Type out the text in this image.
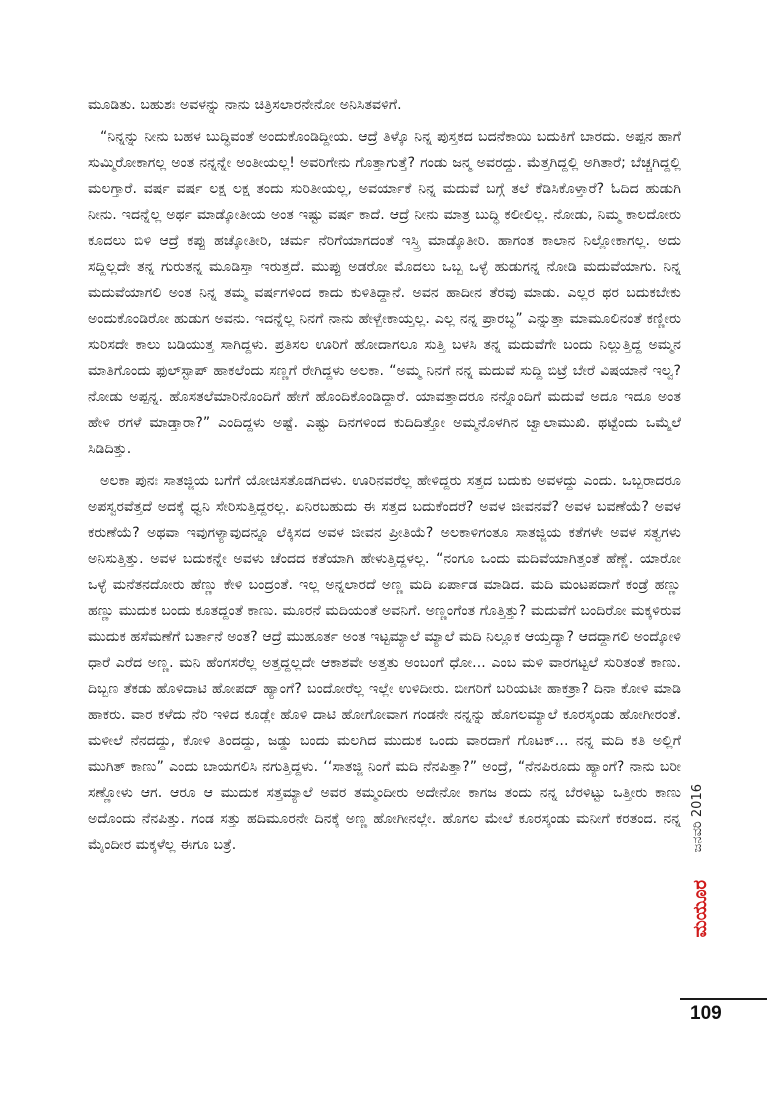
ಮೂಡಿತು. ಬಹುಶಃ ಅವಳನ್ನು ನಾನು ಚಿತ್ರಿಸಲಾರನೇನೋ ಅನಿಸಿತವಳಿಗೆ.

“ನಿನ್ನನ್ನು ನೀನು ಬಹಳ ಬುದ್ಧಿವಂತೆ ಅಂದುಕೊಂಡಿದ್ದೀಯ. ಆದ್ರೆ ತಿಳ್ಕೊ ನಿನ್ನ ಪುಸ್ತಕದ ಬದನೆಕಾಯಿ ಬದುಕಿಗೆ ಬಾರದು. ಅಪ್ಪನ ಹಾಗೆ ಸುಮ್ಮಿರೋಕಾಗಲ್ಲ ಅಂತ ನನ್ನನ್ನೇ ಅಂತೀಯಲ್ಲ! ಅವರಿಗೇನು ಗೊತ್ತಾಗುತ್ತೆ? ಗಂಡು ಜನ್ಮ ಅವರದ್ದು. ಮೆತ್ತಗಿದ್ದಲ್ಲಿ ಅಗಿತಾರೆ; ಬೆಚ್ಚಗಿದ್ದಲ್ಲಿ ಮಲಗ್ತಾರೆ. ವರ್ಷ ವರ್ಷ ಲಕ್ಷ ಲಕ್ಷ ತಂದು ಸುರಿತೀಯಲ್ಲ, ಅವರ್ಯಾಕೆ ನಿನ್ನ ಮದುವೆ ಬಗ್ಗೆ ತಲೆ ಕೆಡಿಸಿಕೊಳ್ತಾರೆ? ಓದಿದ ಹುಡುಗಿ ನೀನು. ಇದನ್ನೆಲ್ಲ ಅರ್ಥ ಮಾಡ್ಕೋತೀಯ ಅಂತ ಇಷ್ಟು ವರ್ಷ ಕಾದೆ. ಆದ್ರೆ ನೀನು ಮಾತ್ರ ಬುದ್ಧಿ ಕಲೀಲಿಲ್ಲ. ನೋಡು, ನಿಮ್ಮ ಕಾಲದೋರು ಕೂದಲು ಬಿಳಿ ಆದ್ರೆ ಕಪ್ಪು ಹಚ್ಕೋತೀರಿ, ಚರ್ಮ ನೆರಿಗೆಯಾಗದಂತೆ ಇಸ್ತ್ರಿ ಮಾಡ್ಕೊತೀರಿ. ಹಾಗಂತ ಕಾಲಾನ ನಿಲ್ಲೋಕಾಗಲ್ಲ. ಅದು ಸದ್ದಿಲ್ಲದೇ ತನ್ನ ಗುರುತನ್ನ ಮೂಡಿಸ್ತಾ ಇರುತ್ತದೆ. ಮುಪ್ಪು ಅಡರೋ ಮೊದಲು ಒಬ್ಬ ಒಳ್ಳೆ ಹುಡುಗನ್ನ ನೋಡಿ ಮದುವೆಯಾಗು. ನಿನ್ನ ಮದುವೆಯಾಗಲಿ ಅಂತ ನಿನ್ನ ತಮ್ಮ ವರ್ಷಗಳಿಂದ ಕಾದು ಕುಳಿತಿದ್ದಾನೆ. ಅವನ ಹಾದೀನ ತೆರವು ಮಾಡು. ಎಲ್ಲರ ಥರ ಬದುಕಬೇಕು ಅಂದುಕೊಂಡಿರೋ ಹುಡುಗ ಅವನು. ಇದನ್ನೆಲ್ಲ ನಿನಗೆ ನಾನು ಹೇಳ್ಬೇಕಾಯ್ತಲ್ಲ. ಎಲ್ಲ ನನ್ನ ಪ್ರಾರಬ್ಧ” ಎನ್ನುತ್ತಾ ಮಾಮೂಲಿನಂತೆ ಕಣ್ಣೀರು ಸುರಿಸದೇ ಕಾಲು ಬಡಿಯುತ್ತ ಸಾಗಿದ್ದಳು. ಪ್ರತಿಸಲ ಊರಿಗೆ ಹೋದಾಗಲೂ ಸುತ್ತಿ ಬಳಸಿ ತನ್ನ ಮದುವೆಗೇ ಬಂದು ನಿಲ್ಲುತ್ತಿದ್ದ ಅಮ್ಮನ ಮಾತಿಗೊಂದು ಫುಲ್‌ಸ್ಟಾಪ್ ಹಾಕಲೆಂದು ಸಣ್ಣಗೆ ರೇಗಿದ್ದಳು ಅಲಕಾ. “ಅಮ್ಮ ನಿನಗೆ ನನ್ನ ಮದುವೆ ಸುದ್ದಿ ಬಿಟ್ರೆ ಬೇರೆ ವಿಷಯಾನೆ ಇಲ್ವ? ನೋಡು ಅಪ್ಪನ್ನ. ಹೊಸತಲೆಮಾರಿನೊಂದಿಗೆ ಹೇಗೆ ಹೊಂದಿಕೊಂಡಿದ್ದಾರೆ. ಯಾವತ್ತಾದರೂ ನನ್ನೊಂದಿಗೆ ಮದುವೆ ಅದೂ ಇದೂ ಅಂತ ಹೇಳಿ ರಗಳೆ ಮಾಡ್ತಾರಾ?” ಎಂದಿದ್ದಳು ಅಷ್ಟೆ. ಎಷ್ಟು ದಿನಗಳಿಂದ ಕುದಿದಿತ್ತೋ ಅಮ್ಮನೊಳಗಿನ ಜ್ವಾಲಾಮುಖಿ. ಥಟ್ಟೆಂದು ಒಮ್ಮೆಲೆ ಸಿಡಿದಿತ್ತು.

ಅಲಕಾ ಪುನಃ ಸಾತಜ್ಜಿಯ ಬಗೆಗೆ ಯೋಚಿಸತೊಡಗಿದಳು. ಊರಿನವರೆಲ್ಲ ಹೇಳಿದ್ದರು ಸತ್ತದ ಬದುಕು ಅವಳದ್ದು ಎಂದು. ಒಬ್ಬರಾದರೂ ಅಪಸ್ವರವೆತ್ತದೆ ಅದಕ್ಕೆ ಧ್ವನಿ ಸೇರಿಸುತ್ತಿದ್ದರಲ್ಲ. ಏನಿರಬಹುದು ಈ ಸತ್ತದ ಬದುಕೆಂದರೆ? ಅವಳ ಜೀವನವೆ? ಅವಳ ಬವಣೆಯೆ? ಅವಳ ಕರುಣೆಯೆ? ಅಥವಾ ಇವುಗಳ್ಯಾವುದನ್ನೂ ಲೆಕ್ಕಿಸದ ಅವಳ ಜೀವನ ಪ್ರೀತಿಯೆ? ಅಲಕಾಳಿಗಂತೂ ಸಾತಜ್ಜಿಯ ಕತೆಗಳೇ ಅವಳ ಸತ್ವಗಳು ಅನಿಸುತ್ತಿತ್ತು. ಅವಳ ಬದುಕನ್ನೇ ಅವಳು ಚೆಂದದ ಕತೆಯಾಗಿ ಹೇಳುತ್ತಿದ್ದಳಲ್ಲ. “ನಂಗೂ ಒಂದು ಮದಿವೆಯಾಗಿತ್ತಂತೆ ಹೆಣ್ಣೆ. ಯಾರೋ ಒಳ್ಳೆ ಮನೆತನದೋರು ಹೆಣ್ಣು ಕೇಳಿ ಬಂದ್ರಂತೆ. ಇಲ್ಲ ಅನ್ನಲಾರದೆ ಅಣ್ಣ ಮದಿ ಏರ್ಪಾಡ ಮಾಡಿದ. ಮದಿ ಮಂಟಪದಾಗೆ ಕಂಡ್ರೆ ಹಣ್ಣು ಹಣ್ಣು ಮುದುಕ ಬಂದು ಕೂತದ್ದಂತೆ ಕಾಣು. ಮೂರನೆ ಮದಿಯಂತೆ ಅವನಿಗೆ. ಅಣ್ಣಂಗೆಂತ ಗೊತ್ತಿತ್ತು? ಮದುವೆಗೆ ಬಂದಿರೋ ಮಕ್ಕಳಿರುವ ಮುದುಕ ಹಸೆಮಣೆಗೆ ಬರ್ತಾನೆ ಅಂತ? ಆದ್ರೆ ಮುಹೂರ್ತ ಅಂತ ಇಟ್ಟಮ್ಯಾಲೆ ಮ್ಯಾಲೆ ಮದಿ ನಿಲ್ಲೂಕ ಆಯ್ತದ್ಯಾ? ಆದದ್ದಾಗಲಿ ಅಂದ್ಕೋಳಿ ಧಾರೆ ಎರೆದ ಅಣ್ಣ. ಮನಿ ಹೆಂಗಸರೆಲ್ಲ ಅತ್ತದ್ದಲ್ಲದೇ ಆಕಾಶವೇ ಅತ್ತತು ಅಂಬಂಗೆ ಧೋ... ಎಂಬ ಮಳಿ ವಾರಗಟ್ಟಲೆ ಸುರಿತಂತೆ ಕಾಣು. ದಿಬ್ಬಣ ತೆಕಡು ಹೊಳಿದಾಟಿ ಹೋಪದ್ ಹ್ಯಾಂಗೆ? ಬಂದೋರೆಲ್ಲ ಇಲ್ಲೇ ಉಳಿದೀರು. ಬೀಗರಿಗೆ ಬರಿಯಟೀ ಹಾಕತ್ರಾ? ದಿನಾ ಕೋಳಿ ಮಾಡಿ ಹಾಕರು. ವಾರ ಕಳೆದು ನೆರಿ ಇಳಿದ ಕೂಡ್ಲೇ ಹೊಳಿ ದಾಟಿ ಹೋಗೋವಾಗ ಗಂಡನೇ ನನ್ನನ್ನು ಹೊಗಲಮ್ಯಾಲೆ ಕೂರಸ್ಕಂಡು ಹೋಗೀರಂತೆ. ಮಳೀಲೆ ನೆನದದ್ದು, ಕೋಳಿ ತಿಂದದ್ದು, ಜಡ್ಡು ಬಂದು ಮಲಗಿದ ಮುದುಕ ಒಂದು ವಾರದಾಗೆ ಗೊಟಕ್... ನನ್ನ ಮದಿ ಕತಿ ಅಲ್ಲಿಗೆ ಮುಗಿತ್ ಕಾಣು” ಎಂದು ಬಾಯಗಲಿಸಿ ನಗುತ್ತಿದ್ದಳು. ‘‘ಸಾತಜ್ಜಿ ನಿಂಗೆ ಮದಿ ನೆನಪಿತ್ತಾ?” ಅಂದ್ರೆ, “ನೆನಪಿರೂದು ಹ್ಯಾಂಗೆ? ನಾನು ಬರೀ ಸಣ್ಣೋಳು ಆಗ. ಆರೂ ಆ ಮುದುಕ ಸತ್ತಮ್ಯಾಲೆ ಅವರ ತಮ್ಮಂದೀರು ಅದೇನೋ ಕಾಗಜ ತಂದು ನನ್ನ ಬೆರಳಿಟ್ಟು ಒತ್ತೀರು ಕಾಣು ಅದೊಂದು ನೆನಪಿತ್ತು. ಗಂಡ ಸತ್ತು ಹದಿಮೂರನೇ ದಿನಕ್ಕೆ ಅಣ್ಣ ಹೋಗೀನಲ್ಲೇ. ಹೊಗಲ ಮೇಲೆ ಕೂರಸ್ಕಂಡು ಮನೀಗೆ ಕರತಂದ. ನನ್ನ ಮೈಂದೀರ ಮಕ್ಕಳೆಲ್ಲ ಈಗೂ ಬತ್ರೆ.	ಜನವರಿ 2016
ಮಯೂರ
109
